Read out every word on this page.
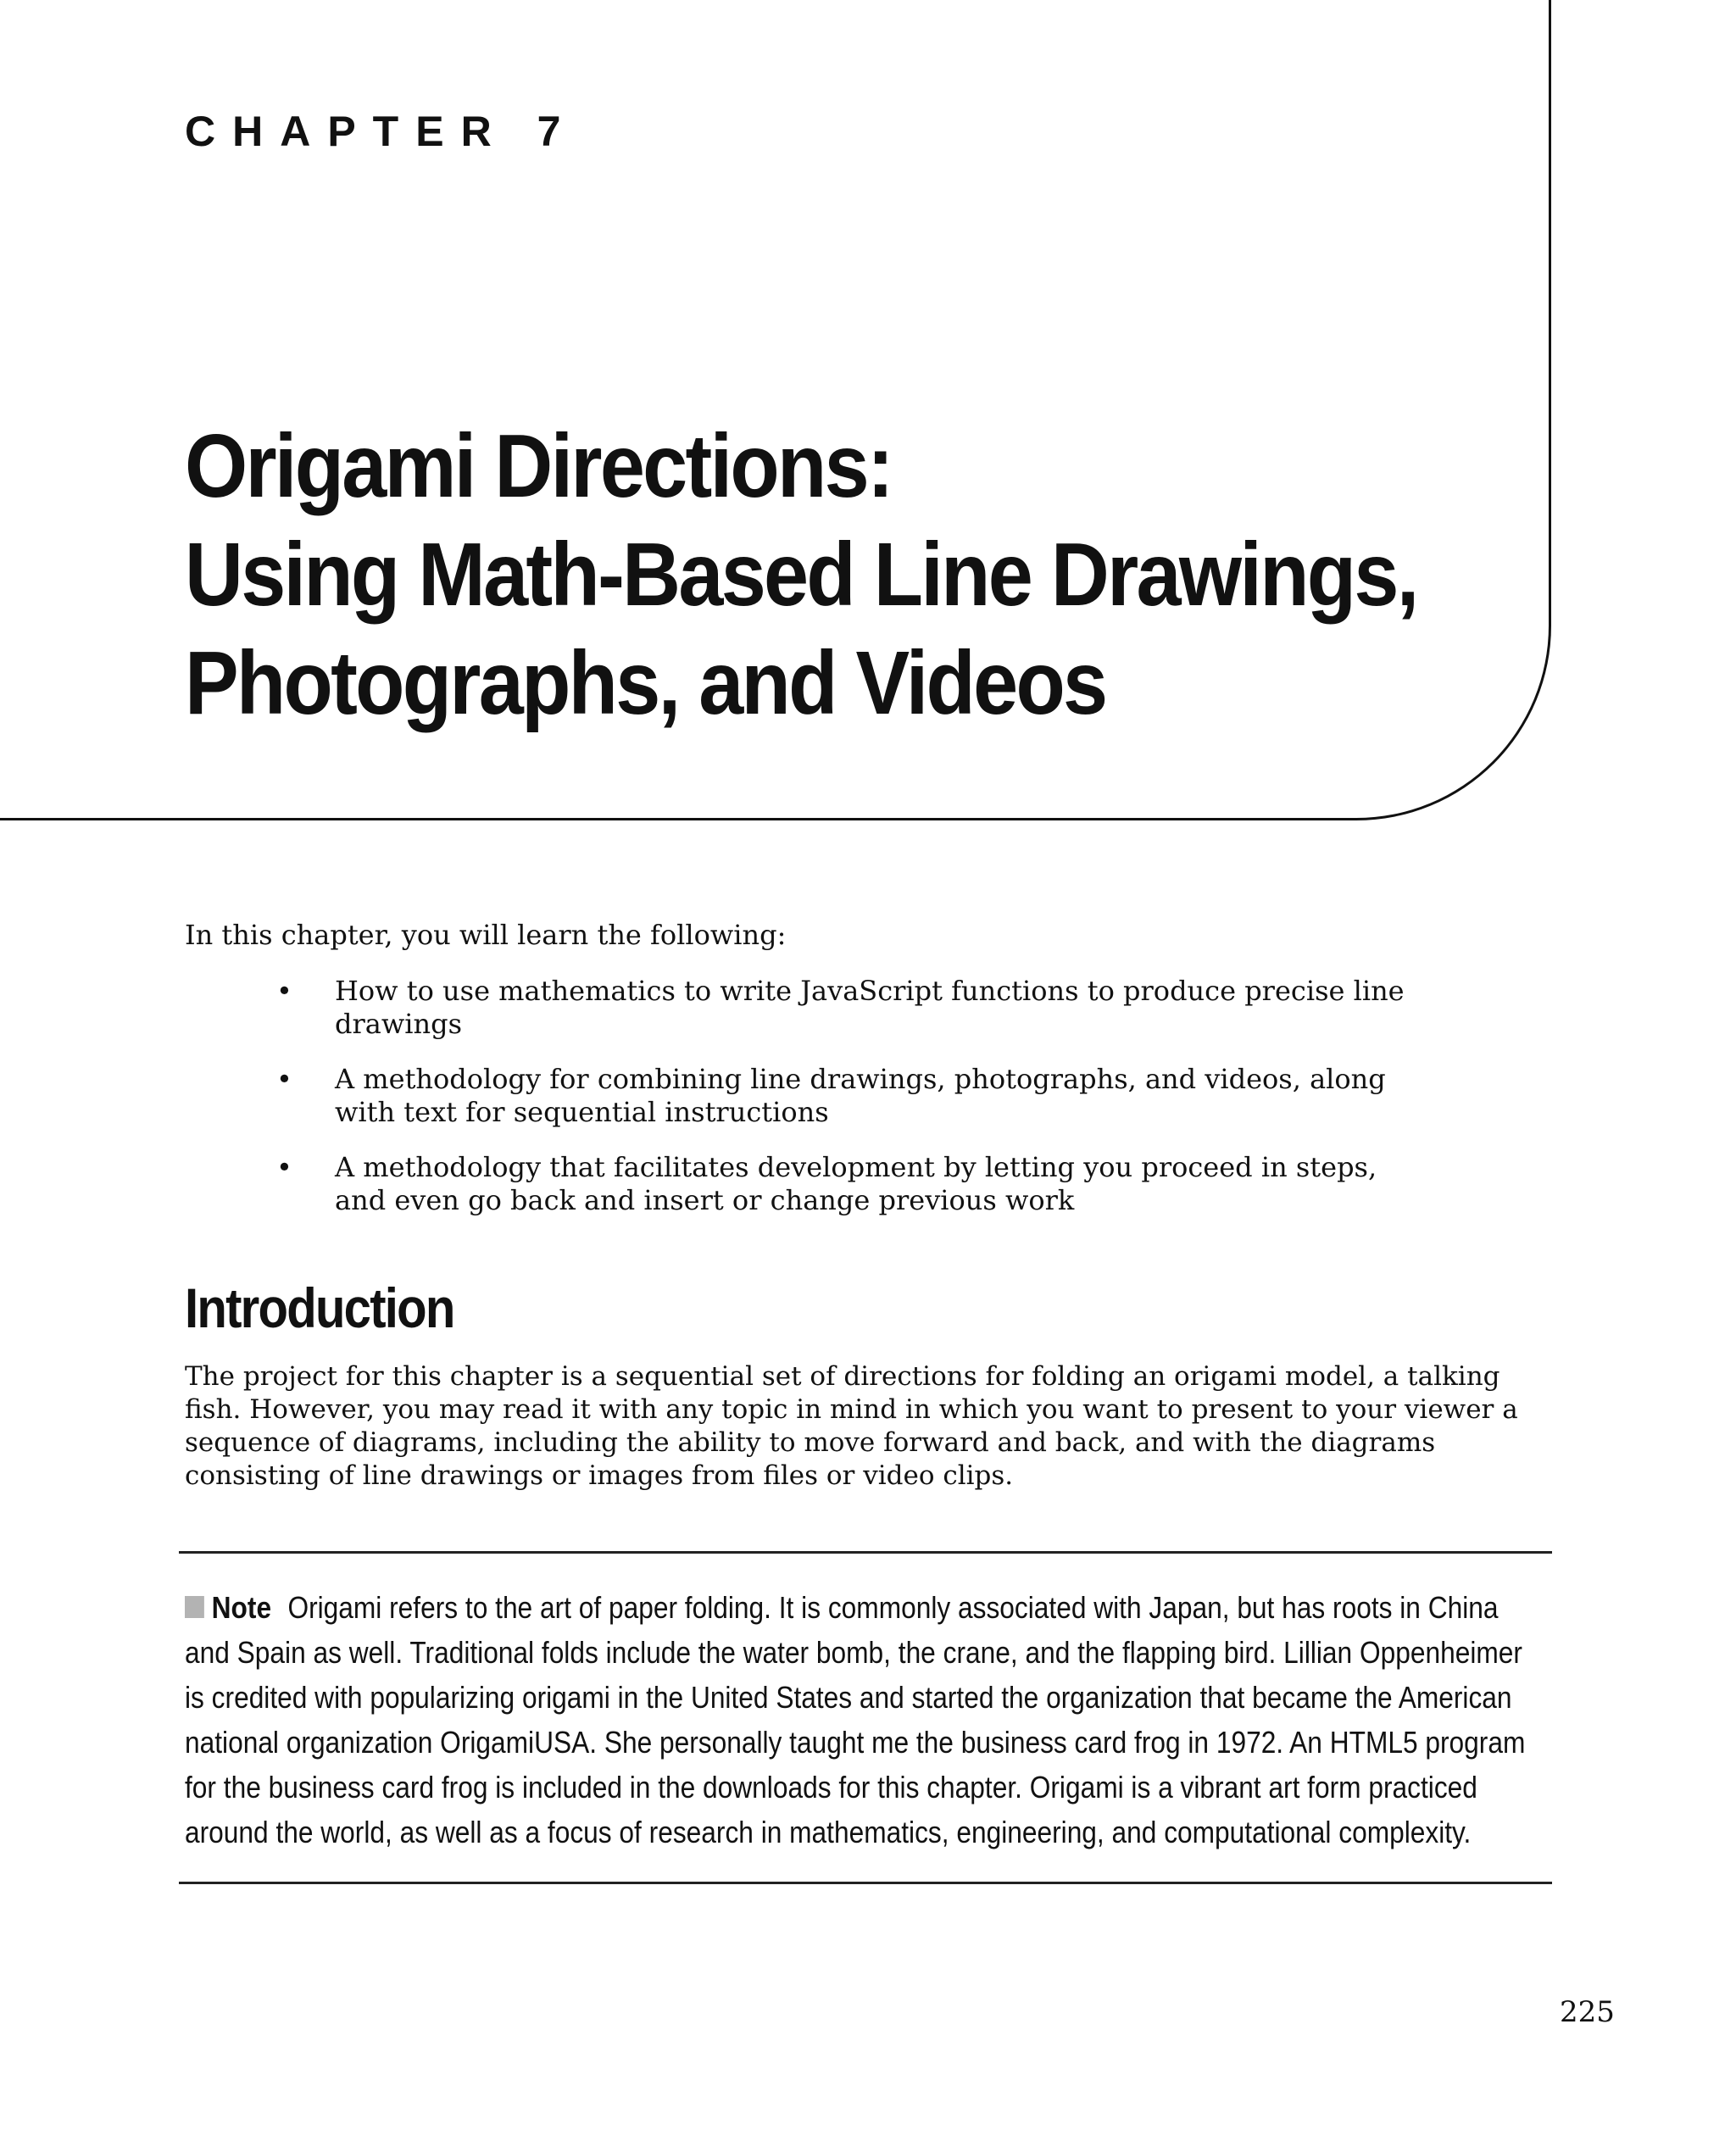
CHAPTER 7
Origami Directions:
Using Math-Based Line Drawings,
Photographs, and Videos

In this chapter, you will learn the following:

• How to use mathematics to write JavaScript functions to produce precise line drawings
• A methodology for combining line drawings, photographs, and videos, along with text for sequential instructions
• A methodology that facilitates development by letting you proceed in steps, and even go back and insert or change previous work
Introduction

The project for this chapter is a sequential set of directions for folding an origami model, a talking fish. However, you may read it with any topic in mind in which you want to present to your viewer a sequence of diagrams, including the ability to move forward and back, and with the diagrams consisting of line drawings or images from files or video clips.

Note Origami refers to the art of paper folding. It is commonly associated with Japan, but has roots in China and Spain as well. Traditional folds include the water bomb, the crane, and the flapping bird. Lillian Oppenheimer is credited with popularizing origami in the United States and started the organization that became the American national organization OrigamiUSA. She personally taught me the business card frog in 1972. An HTML5 program for the business card frog is included in the downloads for this chapter. Origami is a vibrant art form practiced around the world, as well as a focus of research in mathematics, engineering, and computational complexity.

225
